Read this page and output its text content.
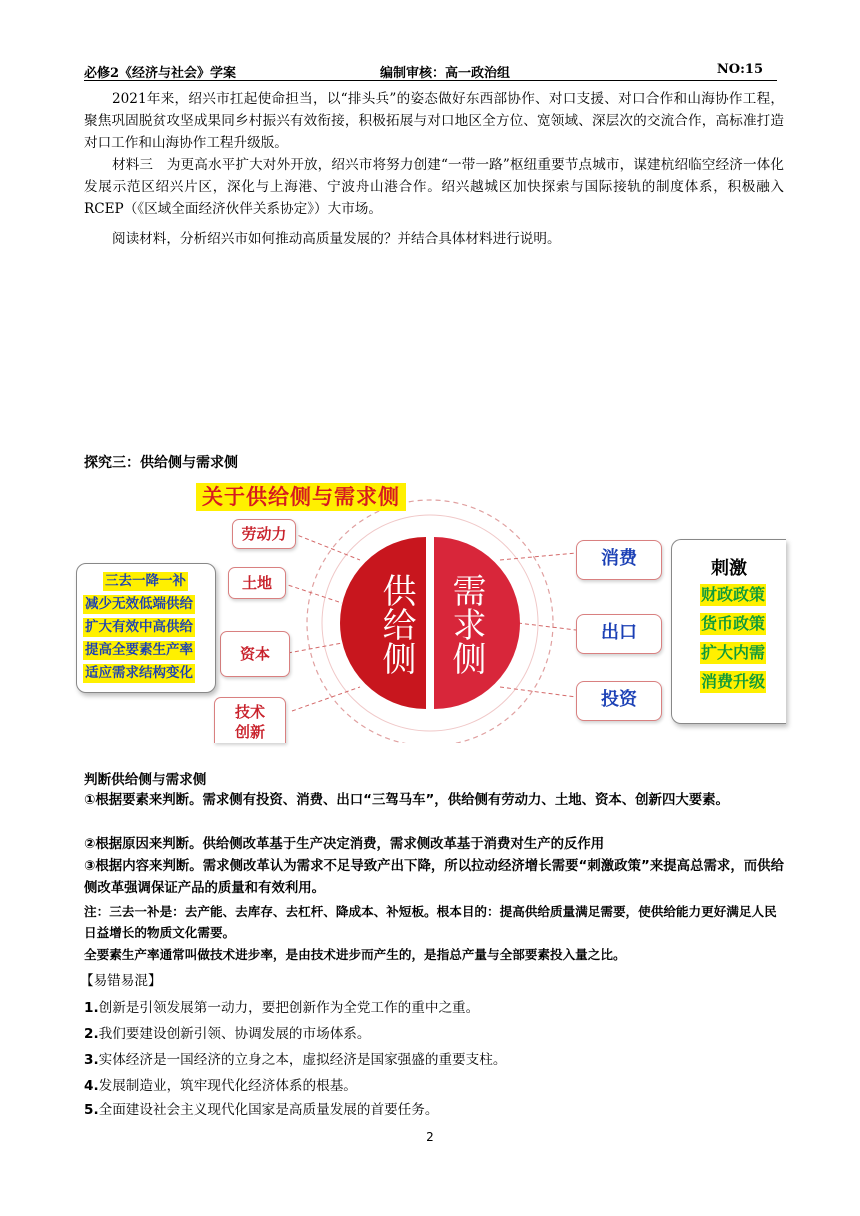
必修2《经济与社会》学案	编制审核：高一政治组	NO:15
2021年来，绍兴市扛起使命担当，以“排头兵”的姿态做好东西部协作、对口支援、对口合作和山海协作工程，聚焦巩固脱贫攻坚成果同乡村振兴有效衔接，积极拓展与对口地区全方位、宽领域、深层次的交流合作，高标准打造对口工作和山海协作工程升级版。
材料三　为更高水平扩大对外开放，绍兴市将努力创建“一带一路”枢纽重要节点城市，谋建杭绍临空经济一体化发展示范区绍兴片区，深化与上海港、宁波舟山港合作。绍兴越城区加快探索与国际接轨的制度体系，积极融入RCEP（《区域全面经济伙伴关系协定》）大市场。
阅读材料，分析绍兴市如何推动高质量发展的？并结合具体材料进行说明。
探究三：供给侧与需求侧
关于供给侧与需求侧
供给侧 需求侧
劳动力
土地
资本
技术创新
消费
出口
投资
三去一降一补
减少无效低端供给
扩大有效中高供给
提高全要素生产率
适应需求结构变化
刺激
财政政策
货币政策
扩大内需
消费升级
判断供给侧与需求侧
①根据要素来判断。需求侧有投资、消费、出口“三驾马车”，供给侧有劳动力、土地、资本、创新四大要素。
②根据原因来判断。供给侧改革基于生产决定消费，需求侧改革基于消费对生产的反作用
③根据内容来判断。需求侧改革认为需求不足导致产出下降，所以拉动经济增长需要“刺激政策”来提高总需求，而供给侧改革强调保证产品的质量和有效利用。
注：三去一补是：去产能、去库存、去杠杆、降成本、补短板。根本目的：提高供给质量满足需要，使供给能力更好满足人民日益增长的物质文化需要。
全要素生产率通常叫做技术进步率，是由技术进步而产生的，是指总产量与全部要素投入量之比。
【易错易混】
1.创新是引领发展第一动力，要把创新作为全党工作的重中之重。
2.我们要建设创新引领、协调发展的市场体系。
3.实体经济是一国经济的立身之本，虚拟经济是国家强盛的重要支柱。
4.发展制造业，筑牢现代化经济体系的根基。
5.全面建设社会主义现代化国家是高质量发展的首要任务。
2
